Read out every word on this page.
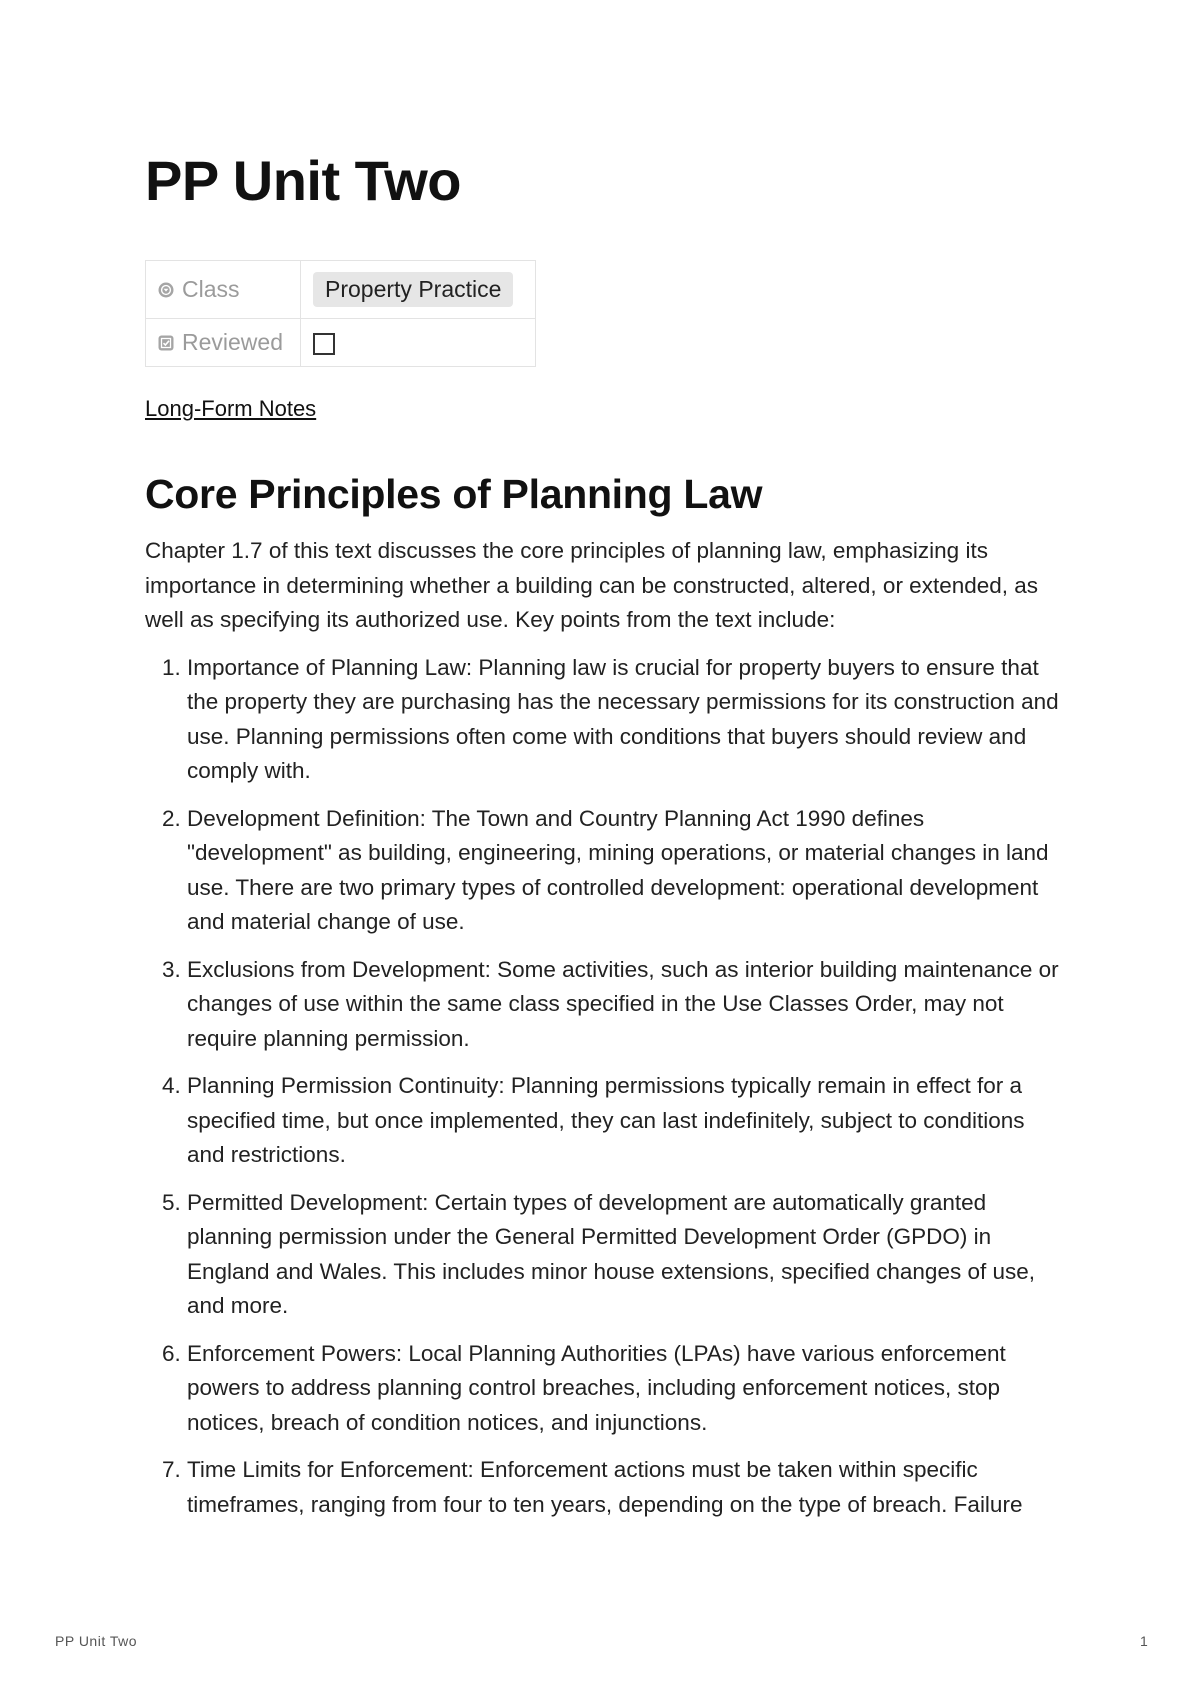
PP Unit Two
Class	Property Practice

Reviewed	
Long-Form Notes
Core Principles of Planning Law

Chapter 1.7 of this text discusses the core principles of planning law, emphasizing its importance in determining whether a building can be constructed, altered, or extended, as well as specifying its authorized use. Key points from the text include:

1. Importance of Planning Law: Planning law is crucial for property buyers to ensure that the property they are purchasing has the necessary permissions for its construction and use. Planning permissions often come with conditions that buyers should review and comply with.
2. Development Definition: The Town and Country Planning Act 1990 defines "development" as building, engineering, mining operations, or material changes in land use. There are two primary types of controlled development: operational development and material change of use.
3. Exclusions from Development: Some activities, such as interior building maintenance or changes of use within the same class specified in the Use Classes Order, may not require planning permission.
4. Planning Permission Continuity: Planning permissions typically remain in effect for a specified time, but once implemented, they can last indefinitely, subject to conditions and restrictions.
5. Permitted Development: Certain types of development are automatically granted planning permission under the General Permitted Development Order (GPDO) in England and Wales. This includes minor house extensions, specified changes of use, and more.
6. Enforcement Powers: Local Planning Authorities (LPAs) have various enforcement powers to address planning control breaches, including enforcement notices, stop notices, breach of condition notices, and injunctions.
7. Time Limits for Enforcement: Enforcement actions must be taken within specific timeframes, ranging from four to ten years, depending on the type of breach. Failure
PP Unit Two	1
